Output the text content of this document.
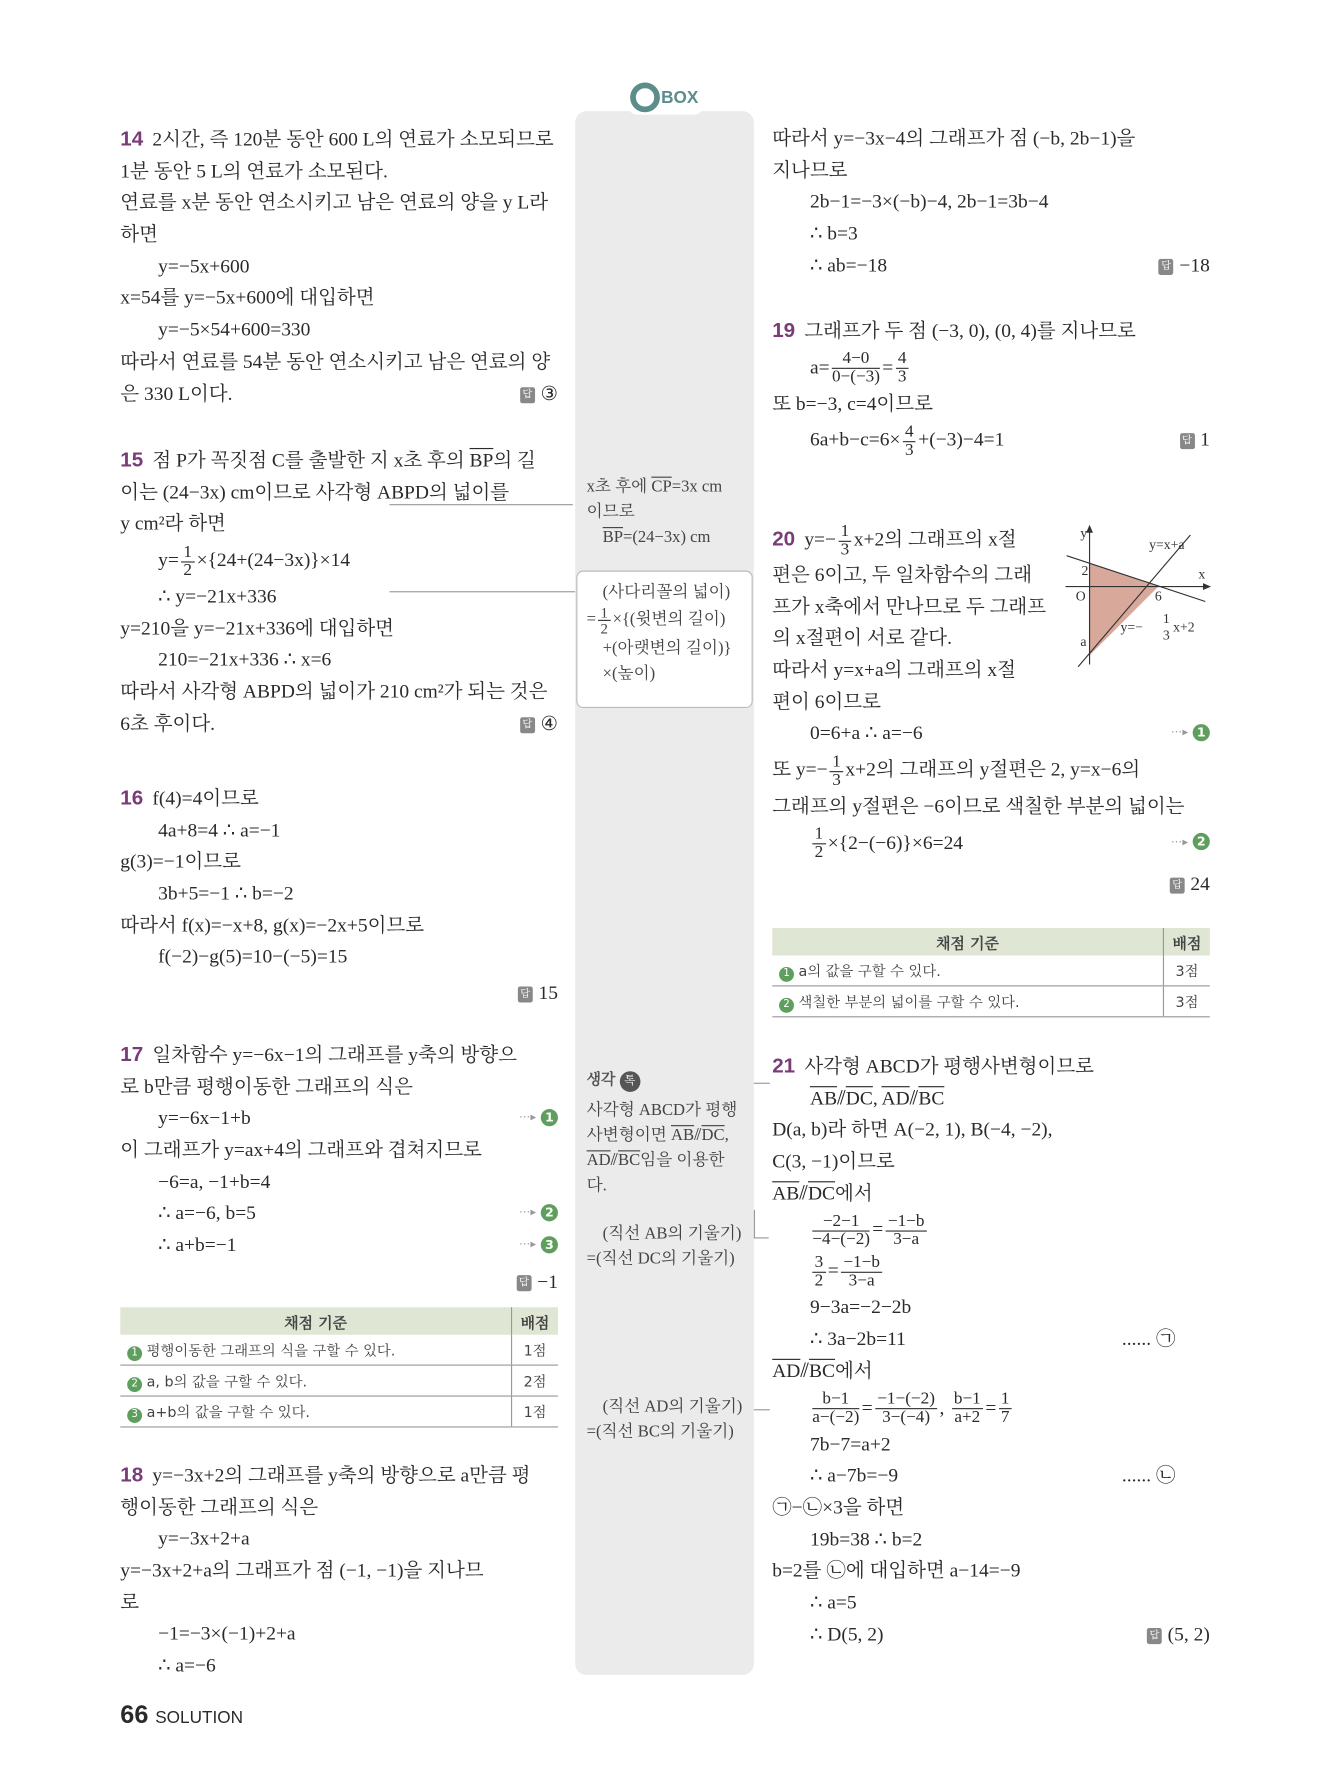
BOX
y
x
O
2
6
a
y=x+a
y=−
1
3
x+2
채점 기준	배점
1 평행이동한 그래프의 식을 구할 수 있다.	1점
2 a, b의 값을 구할 수 있다.	2점
3 a+b의 값을 구할 수 있다.	1점
채점 기준	배점
1 a의 값을 구할 수 있다.	3점
2 색칠한 부분의 넓이를 구할 수 있다.	3점
생각 톡
66 SOLUTION
14 2시간, 즉 120분 동안 600 L의 연료가 소모되므로
1분 동안 5 L의 연료가 소모된다.
연료를 x분 동안 연소시키고 남은 연료의 양을 y L라
하면
y=−5x+600
x=54를 y=−5x+600에 대입하면
y=−5×54+600=330
따라서 연료를 54분 동안 연소시키고 남은 연료의 양
은 330 L이다.	답 ③
15 점 P가 꼭짓점 C를 출발한 지 x초 후의 $\overline{BP}$의 길
이는 (24−3x) cm이므로 사각형 ABPD의 넓이를
y cm²라 하면
$y= \frac{1}{2} \times\{24+(24-3x)\}\times 14$
∴ y=−21x+336
y=210을 y=−21x+336에 대입하면
210=−21x+336 ∴ x=6
따라서 사각형 ABPD의 넓이가 210 cm²가 되는 것은
6초 후이다.	답 ④
16 f(4)=4이므로
4a+8=4 ∴ a=−1
g(3)=−1이므로
3b+5=−1 ∴ b=−2
따라서 f(x)=−x+8, g(x)=−2x+5이므로
f(−2)−g(5)=10−(−5)=15
답 15
17 일차함수 y=−6x−1의 그래프를 y축의 방향으
로 b만큼 평행이동한 그래프의 식은
y=−6x−1+b	⋯▸ 1
이 그래프가 y=ax+4의 그래프와 겹쳐지므로
−6=a, −1+b=4
∴ a=−6, b=5	⋯▸ 2
∴ a+b=−1	⋯▸ 3
답 −1
18 y=−3x+2의 그래프를 y축의 방향으로 a만큼 평
행이동한 그래프의 식은
y=−3x+2+a
y=−3x+2+a의 그래프가 점 (−1, −1)을 지나므
로
−1=−3×(−1)+2+a
∴ a=−6
따라서 y=−3x−4의 그래프가 점 (−b, 2b−1)을
지나므로
2b−1=−3×(−b)−4, 2b−1=3b−4
∴ b=3
∴ ab=−18	답 −18
19 그래프가 두 점 (−3, 0), (0, 4)를 지나므로
$a= \frac{4-0}{0-(-3)} = \frac{4}{3}$
또 b=−3, c=4이므로
$6a+b-c=6\times \frac{4}{3} +(-3)-4=1$	답 1
20 $y=- \frac{1}{3} x+2$의 그래프의 x절
편은 6이고, 두 일차함수의 그래
프가 x축에서 만나므로 두 그래프
의 x절편이 서로 같다.
따라서 y=x+a의 그래프의 x절
편이 6이므로
0=6+a ∴ a=−6	⋯▸ 1
또 $y=- \frac{1}{3} x+2$의 그래프의 y절편은 2, y=x−6의
그래프의 y절편은 −6이므로 색칠한 부분의 넓이는
$\frac{1}{2} \times\{2-(-6)\}\times 6=24$	⋯▸ 2
답 24
21 사각형 ABCD가 평행사변형이므로
$\overline{AB}⫽\overline{DC}$, $\overline{AD}⫽\overline{BC}$
D(a, b)라 하면 A(−2, 1), B(−4, −2),
C(3, −1)이므로
$\overline{AB}⫽\overline{DC}$에서
$\frac{-2-1}{-4-(-2)} = \frac{-1-b}{3-a}$
$\frac{3}{2} = \frac{-1-b}{3-a}$
9−3a=−2−2b
∴ 3a−2b=11	...... ㉠
$\overline{AD}⫽\overline{BC}$에서
$\frac{b-1}{a-(-2)} = \frac{-1-(-2)}{3-(-4)}$ , $\frac{b-1}{a+2} = \frac{1}{7}$
7b−7=a+2
∴ a−7b=−9	...... ㉡
㉠−㉡×3을 하면
19b=38 ∴ b=2
b=2를 ㉡에 대입하면 a−14=−9
∴ a=5
∴ D(5, 2)	답 (5, 2)
x초 후에 $\overline{CP}=3x$ cm
이므로
$\overline{BP}=(24-3x)$ cm
(사다리꼴의 넓이)
= $\frac{1}{2}$ ×{(윗변의 길이)
+(아랫변의 길이)}
×(높이)
사각형 ABCD가 평행
사변형이면 $\overline{AB}⫽\overline{DC}$,
$\overline{AD}⫽\overline{BC}$임을 이용한
다.
(직선 AB의 기울기)
=(직선 DC의 기울기)
(직선 AD의 기울기)
=(직선 BC의 기울기)
